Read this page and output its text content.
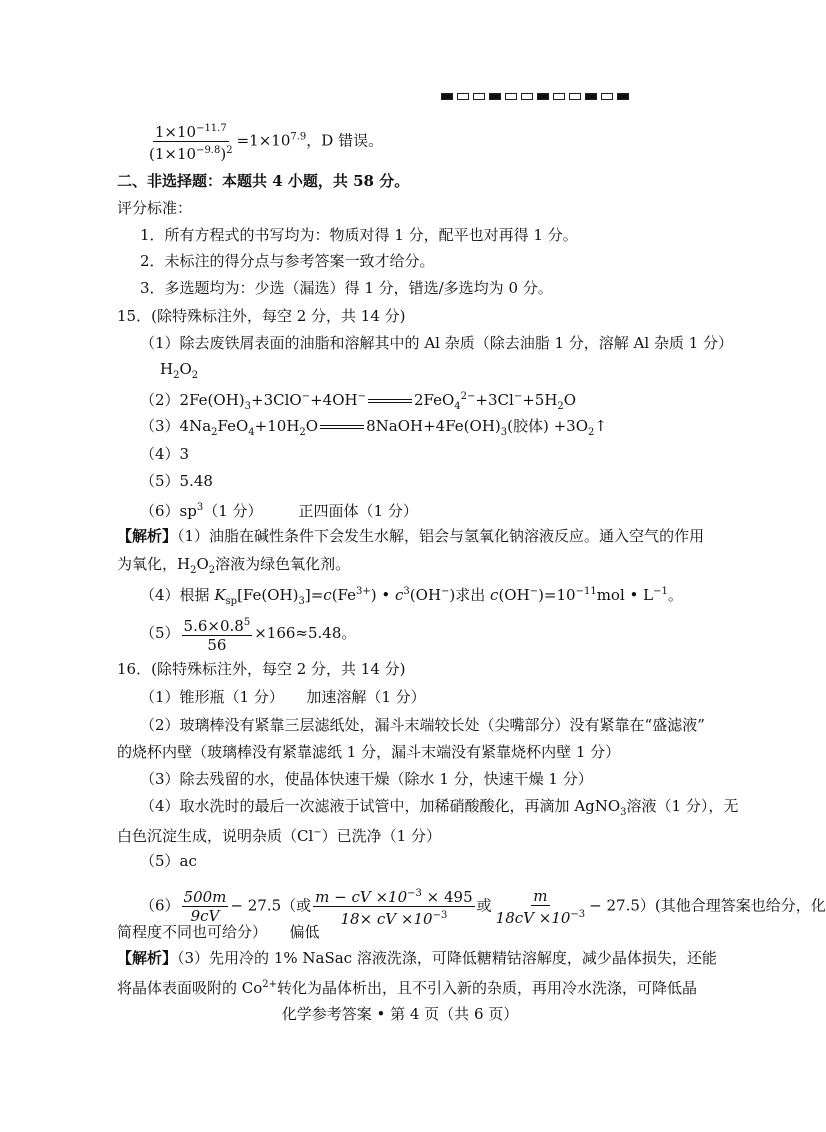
$\frac{1\times 10^{-11.7}}{(1\times 10^{-9.8})^2} =1\times 10^{7.9}$，D 错误。
二、非选择题：本题共 4 小题，共 58 分。
评分标准：
1．所有方程式的书写均为：物质对得 1 分，配平也对再得 1 分。
2．未标注的得分点与参考答案一致才给分。
3．多选题均为：少选（漏选）得 1 分，错选/多选均为 0 分。
15．(除特殊标注外，每空 2 分，共 14 分)
（1）除去废铁屑表面的油脂和溶解其中的 Al 杂质（除去油脂 1 分，溶解 Al 杂质 1 分）
$H_2O_2$
$(2)2Fe(OH)_3+3ClO^-+4OH^-$	$2FeO_4^{2-}+3Cl^-+5H_2O$
$(3)4Na_2FeO_4+10H_2O$	$8NaOH+4Fe(OH)_3$(胶体) $+3O_2↑$
（4）3
（5）5.48
$(6)sp^3(1$ 分） 正四面体（1 分）
【解析】（1）油脂在碱性条件下会发生水解，铝会与氢氧化钠溶液反应。通入空气的作用
为氧化，$H_2O_2$溶液为绿色氧化剂。
（4）根据 $K_{sp}[Fe(OH)_3]=c(Fe^{3+})$ • $c^3(OH^-)$求出 $c(OH^-)=10^{-11}mol$ • $L^{-1}$。
$(5) \frac{5.6\times 0.8^5}{56} \times 166\approx 5.48$。
16．(除特殊标注外，每空 2 分，共 14 分)
（1）锥形瓶（1 分）　　加速溶解（1 分）
（2）玻璃棒没有紧靠三层滤纸处，漏斗末端较长处（尖嘴部分）没有紧靠在“盛滤液”
的烧杯内壁（玻璃棒没有紧靠滤纸 1 分，漏斗末端没有紧靠烧杯内壁 1 分）
（3）除去残留的水，使晶体快速干燥（除水 1 分，快速干燥 1 分）
（4）取水洗时的最后一次滤液于试管中，加稀硝酸酸化，再滴加 AgNO$_3$溶液（1 分），无
白色沉淀生成，说明杂质（Cl−）已洗净（1 分）
（5）ac
$(6) \frac{500m}{9cV} - 27.5$（或 $\frac{m - cV \times 10^{-3} \times 495}{18\times cV \times 10^{-3}}$ 或 $\frac{m}{18cV \times 10^{-3}} - 27.5$）(其他合理答案也给分，化
简程度不同也可给分）　　偏低
【解析】（3）先用冷的 1% NaSac 溶液洗涤，可降低糖精钴溶解度，减少晶体损失，还能
将晶体表面吸附的 $Co^{2+}$转化为晶体析出，且不引入新的杂质，再用冷水洗涤，可降低晶
化学参考答案 • 第 4 页（共 6 页）
